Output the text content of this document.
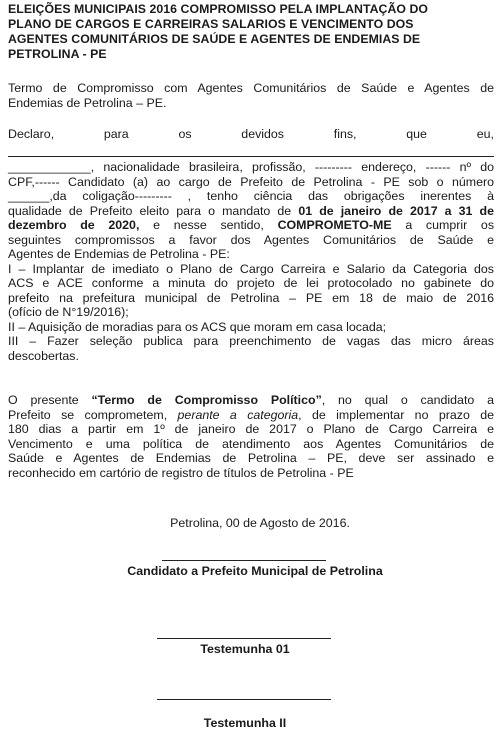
ELEIÇÕES MUNICIPAIS 2016 COMPROMISSO PELA IMPLANTAÇÃO DO
PLANO DE CARGOS E CARREIRAS SALARIOS E VENCIMENTO DOS
AGENTES COMUNITÁRIOS DE SAÚDE E AGENTES DE ENDEMIAS DE
PETROLINA - PE
Termo de Compromisso com Agentes Comunitários de Saúde e Agentes de
Endemias de Petrolina – PE.
Declaro,	para	os	devidos	fins,	que	eu,
____________, nacionalidade brasileira, profissão, --------- endereço, ------ nº do
CPF,------ Candidato (a) ao cargo de Prefeito de Petrolina - PE sob o número
______,da coligação--------- , tenho ciência das obrigações inerentes à
qualidade de Prefeito eleito para o mandato de 01 de janeiro de 2017 a 31 de
dezembro de 2020, e nesse sentido, COMPROMETO-ME a cumprir os
seguintes compromissos a favor dos Agentes Comunitários de Saúde e
Agentes de Endemias de Petrolina - PE:
I – Implantar de imediato o Plano de Cargo Carreira e Salario da Categoria dos
ACS e ACE conforme a minuta do projeto de lei protocolado no gabinete do
prefeito na prefeitura municipal de Petrolina – PE em 18 de maio de 2016
(ofício de N°19/2016);
II – Aquisição de moradias para os ACS que moram em casa locada;
III – Fazer seleção publica para preenchimento de vagas das micro áreas
descobertas.
O presente “Termo de Compromisso Político”, no qual o candidato a
Prefeito se comprometem, perante a categoria, de implementar no prazo de
180 dias a partir em 1º de janeiro de 2017 o Plano de Cargo Carreira e
Vencimento e uma política de atendimento aos Agentes Comunitários de
Saúde e Agentes de Endemias de Petrolina – PE, deve ser assinado e
reconhecido em cartório de registro de títulos de Petrolina - PE
Petrolina, 00 de Agosto de 2016.
Candidato a Prefeito Municipal de Petrolina
Testemunha 01
Testemunha II
